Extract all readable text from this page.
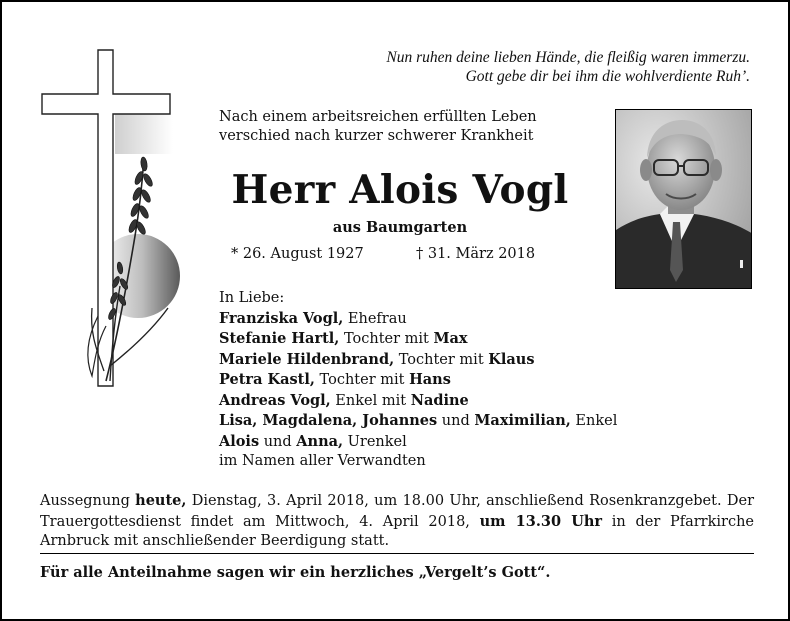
Nun ruhen deine lieben Hände, die fleißig waren immerzu.
Gott gebe dir bei ihm die wohlverdiente Ruh’.
Nach einem arbeitsreichen erfüllten Leben
verschied nach kurzer schwerer Krankheit
Herr Alois Vogl
aus Baumgarten
* 26. August 1927	† 31. März 2018
In Liebe:
Franziska Vogl, Ehefrau
Stefanie Hartl, Tochter mit Max
Mariele Hildenbrand, Tochter mit Klaus
Petra Kastl, Tochter mit Hans
Andreas Vogl, Enkel mit Nadine
Lisa, Magdalena, Johannes und Maximilian, Enkel
Alois und Anna, Urenkel
im Namen aller Verwandten
Aussegnung heute, Dienstag, 3. April 2018, um 18.00 Uhr, anschließend Rosenkranzgebet. Der Trauergottesdienst findet am Mittwoch, 4. April 2018, um 13.30 Uhr in der Pfarrkirche Arnbruck mit anschließender Beerdigung statt.
Für alle Anteilnahme sagen wir ein herzliches „Vergelt’s Gott“.
